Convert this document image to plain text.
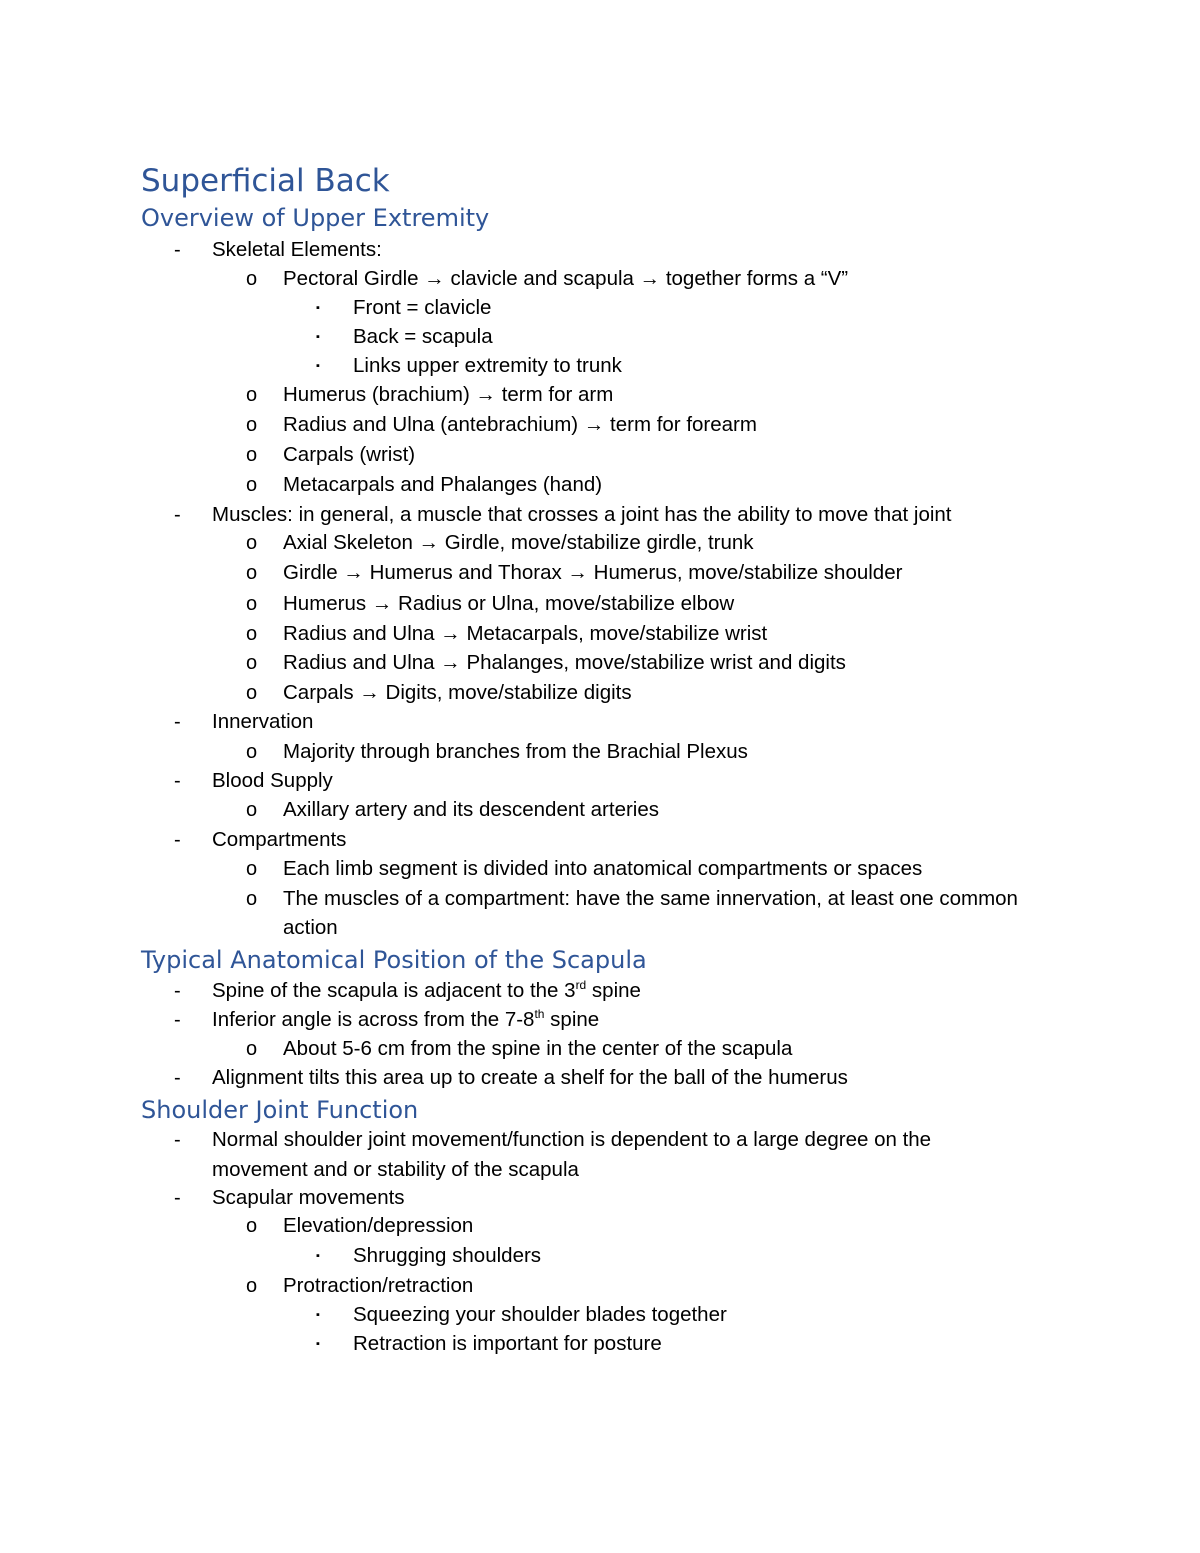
Superficial Back
Overview of Upper Extremity
- Skeletal Elements:
o Pectoral Girdle → clavicle and scapula → together forms a “V”
▪ Front = clavicle
▪ Back = scapula
▪ Links upper extremity to trunk
o Humerus (brachium) → term for arm
o Radius and Ulna (antebrachium) → term for forearm
o Carpals (wrist)
o Metacarpals and Phalanges (hand)
- Muscles: in general, a muscle that crosses a joint has the ability to move that joint
o Axial Skeleton → Girdle, move/stabilize girdle, trunk
o Girdle → Humerus and Thorax → Humerus, move/stabilize shoulder
o Humerus → Radius or Ulna, move/stabilize elbow
o Radius and Ulna → Metacarpals, move/stabilize wrist
o Radius and Ulna → Phalanges, move/stabilize wrist and digits
o Carpals → Digits, move/stabilize digits
- Innervation
o Majority through branches from the Brachial Plexus
- Blood Supply
o Axillary artery and its descendent arteries
- Compartments
o Each limb segment is divided into anatomical compartments or spaces
o The muscles of a compartment: have the same innervation, at least one common
action
Typical Anatomical Position of the Scapula
- Spine of the scapula is adjacent to the 3rd spine
- Inferior angle is across from the 7-8th spine
o About 5-6 cm from the spine in the center of the scapula
- Alignment tilts this area up to create a shelf for the ball of the humerus
Shoulder Joint Function
- Normal shoulder joint movement/function is dependent to a large degree on the
movement and or stability of the scapula
- Scapular movements
o Elevation/depression
▪ Shrugging shoulders
o Protraction/retraction
▪ Squeezing your shoulder blades together
▪ Retraction is important for posture
